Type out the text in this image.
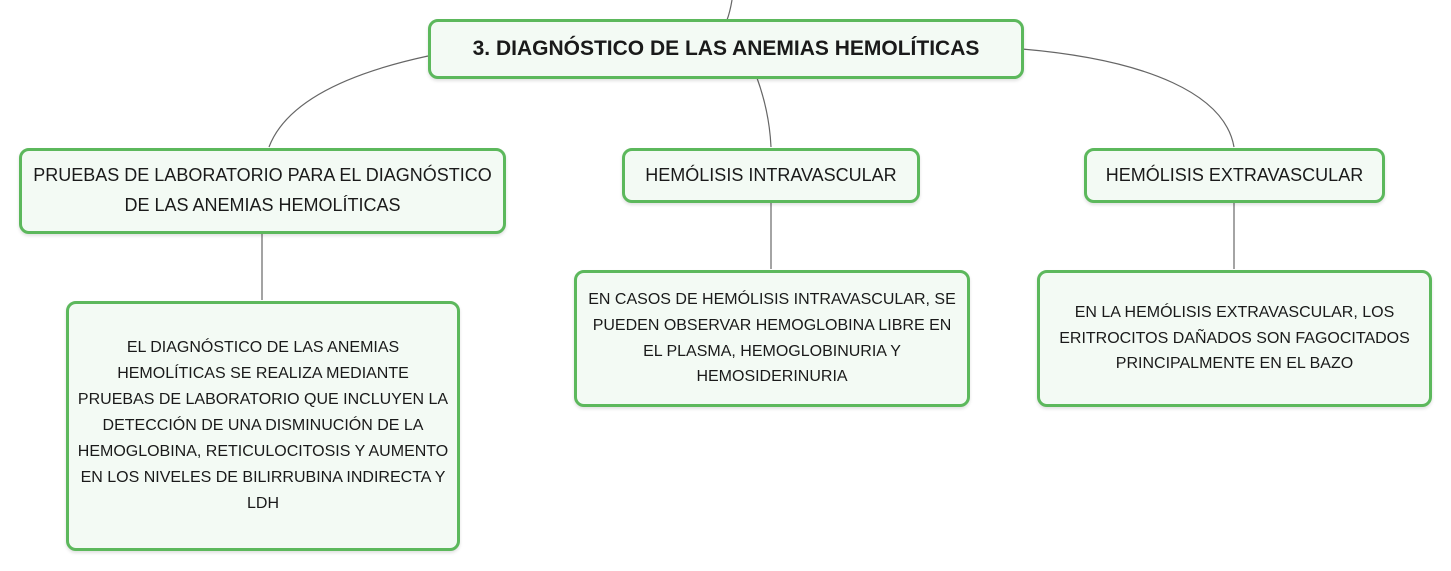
3. DIAGNÓSTICO DE LAS ANEMIAS HEMOLÍTICAS
PRUEBAS DE LABORATORIO PARA EL DIAGNÓSTICO DE LAS ANEMIAS HEMOLÍTICAS
HEMÓLISIS INTRAVASCULAR	HEMÓLISIS EXTRAVASCULAR
EL DIAGNÓSTICO DE LAS ANEMIAS HEMOLÍTICAS SE REALIZA MEDIANTE PRUEBAS DE LABORATORIO QUE INCLUYEN LA DETECCIÓN DE UNA DISMINUCIÓN DE LA HEMOGLOBINA, RETICULOCITOSIS Y AUMENTO EN LOS NIVELES DE BILIRRUBINA INDIRECTA Y LDH
EN CASOS DE HEMÓLISIS INTRAVASCULAR, SE PUEDEN OBSERVAR HEMOGLOBINA LIBRE EN EL PLASMA, HEMOGLOBINURIA Y HEMOSIDERINURIA
EN LA HEMÓLISIS EXTRAVASCULAR, LOS ERITROCITOS DAÑADOS SON FAGOCITADOS PRINCIPALMENTE EN EL BAZO
